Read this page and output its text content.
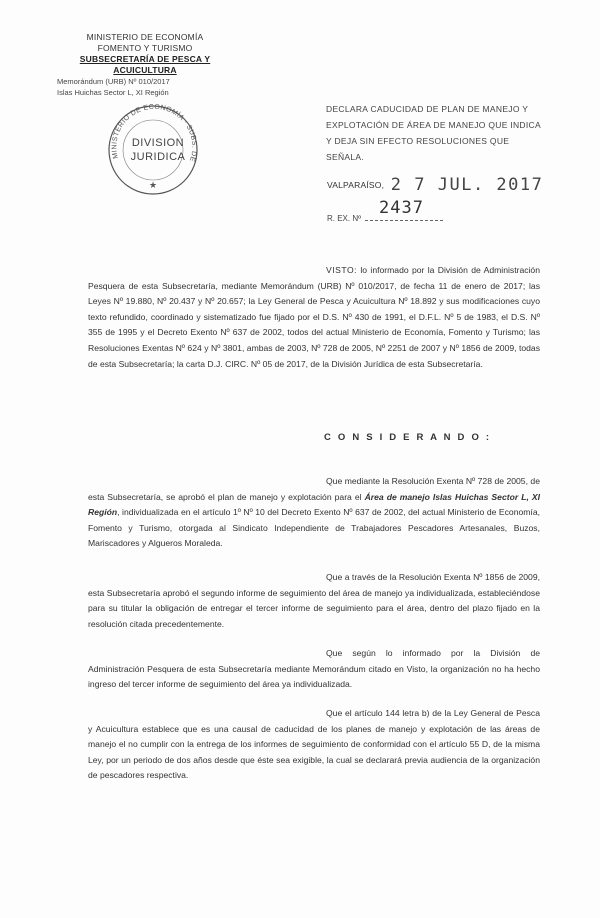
MINISTERIO DE ECONOMÍA
FOMENTO Y TURISMO
SUBSECRETARÍA DE PESCA Y ACUICULTURA
Memorándum (URB) Nº 010/2017
Islas Huichas Sector L, XI Región
MINISTERIO DE ECONOMÍA · SUBS. DE
DIVISION
JURIDICA
★
DECLARA CADUCIDAD DE PLAN DE MANEJO Y EXPLOTACIÓN DE ÁREA DE MANEJO QUE INDICA Y DEJA SIN EFECTO RESOLUCIONES QUE SEÑALA.
VALPARAÍSO, 2 7 JUL. 2017
R. EX. Nº
2437
VISTO: lo informado por la División de Administración Pesquera de esta Subsecretaría, mediante Memorándum (URB) Nº 010/2017, de fecha 11 de enero de 2017; las Leyes Nº 19.880, Nº 20.437 y Nº 20.657; la Ley General de Pesca y Acuicultura Nº 18.892 y sus modificaciones cuyo texto refundido, coordinado y sistematizado fue fijado por el D.S. Nº 430 de 1991, el D.F.L. Nº 5 de 1983, el D.S. Nº 355 de 1995 y el Decreto Exento Nº 637 de 2002, todos del actual Ministerio de Economía, Fomento y Turismo; las Resoluciones Exentas Nº 624 y Nº 3801, ambas de 2003, Nº 728 de 2005, Nº 2251 de 2007 y Nº 1856 de 2009, todas de esta Subsecretaría; la carta D.J. CIRC. Nº 05 de 2017, de la División Jurídica de esta Subsecretaría.
C O N S I D E R A N D O :
Que mediante la Resolución Exenta Nº 728 de 2005, de esta Subsecretaría, se aprobó el plan de manejo y explotación para el Área de manejo Islas Huichas Sector L, XI Región, individualizada en el artículo 1º Nº 10 del Decreto Exento Nº 637 de 2002, del actual Ministerio de Economía, Fomento y Turismo, otorgada al Sindicato Independiente de Trabajadores Pescadores Artesanales, Buzos, Mariscadores y Algueros Moraleda.
Que a través de la Resolución Exenta Nº 1856 de 2009, esta Subsecretaría aprobó el segundo informe de seguimiento del área de manejo ya individualizada, estableciéndose para su titular la obligación de entregar el tercer informe de seguimiento para el área, dentro del plazo fijado en la resolución citada precedentemente.
Que según lo informado por la División de Administración Pesquera de esta Subsecretaría mediante Memorándum citado en Visto, la organización no ha hecho ingreso del tercer informe de seguimiento del área ya individualizada.
Que el artículo 144 letra b) de la Ley General de Pesca y Acuicultura establece que es una causal de caducidad de los planes de manejo y explotación de las áreas de manejo el no cumplir con la entrega de los informes de seguimiento de conformidad con el artículo 55 D, de la misma Ley, por un periodo de dos años desde que éste sea exigible, la cual se declarará previa audiencia de la organización de pescadores respectiva.
